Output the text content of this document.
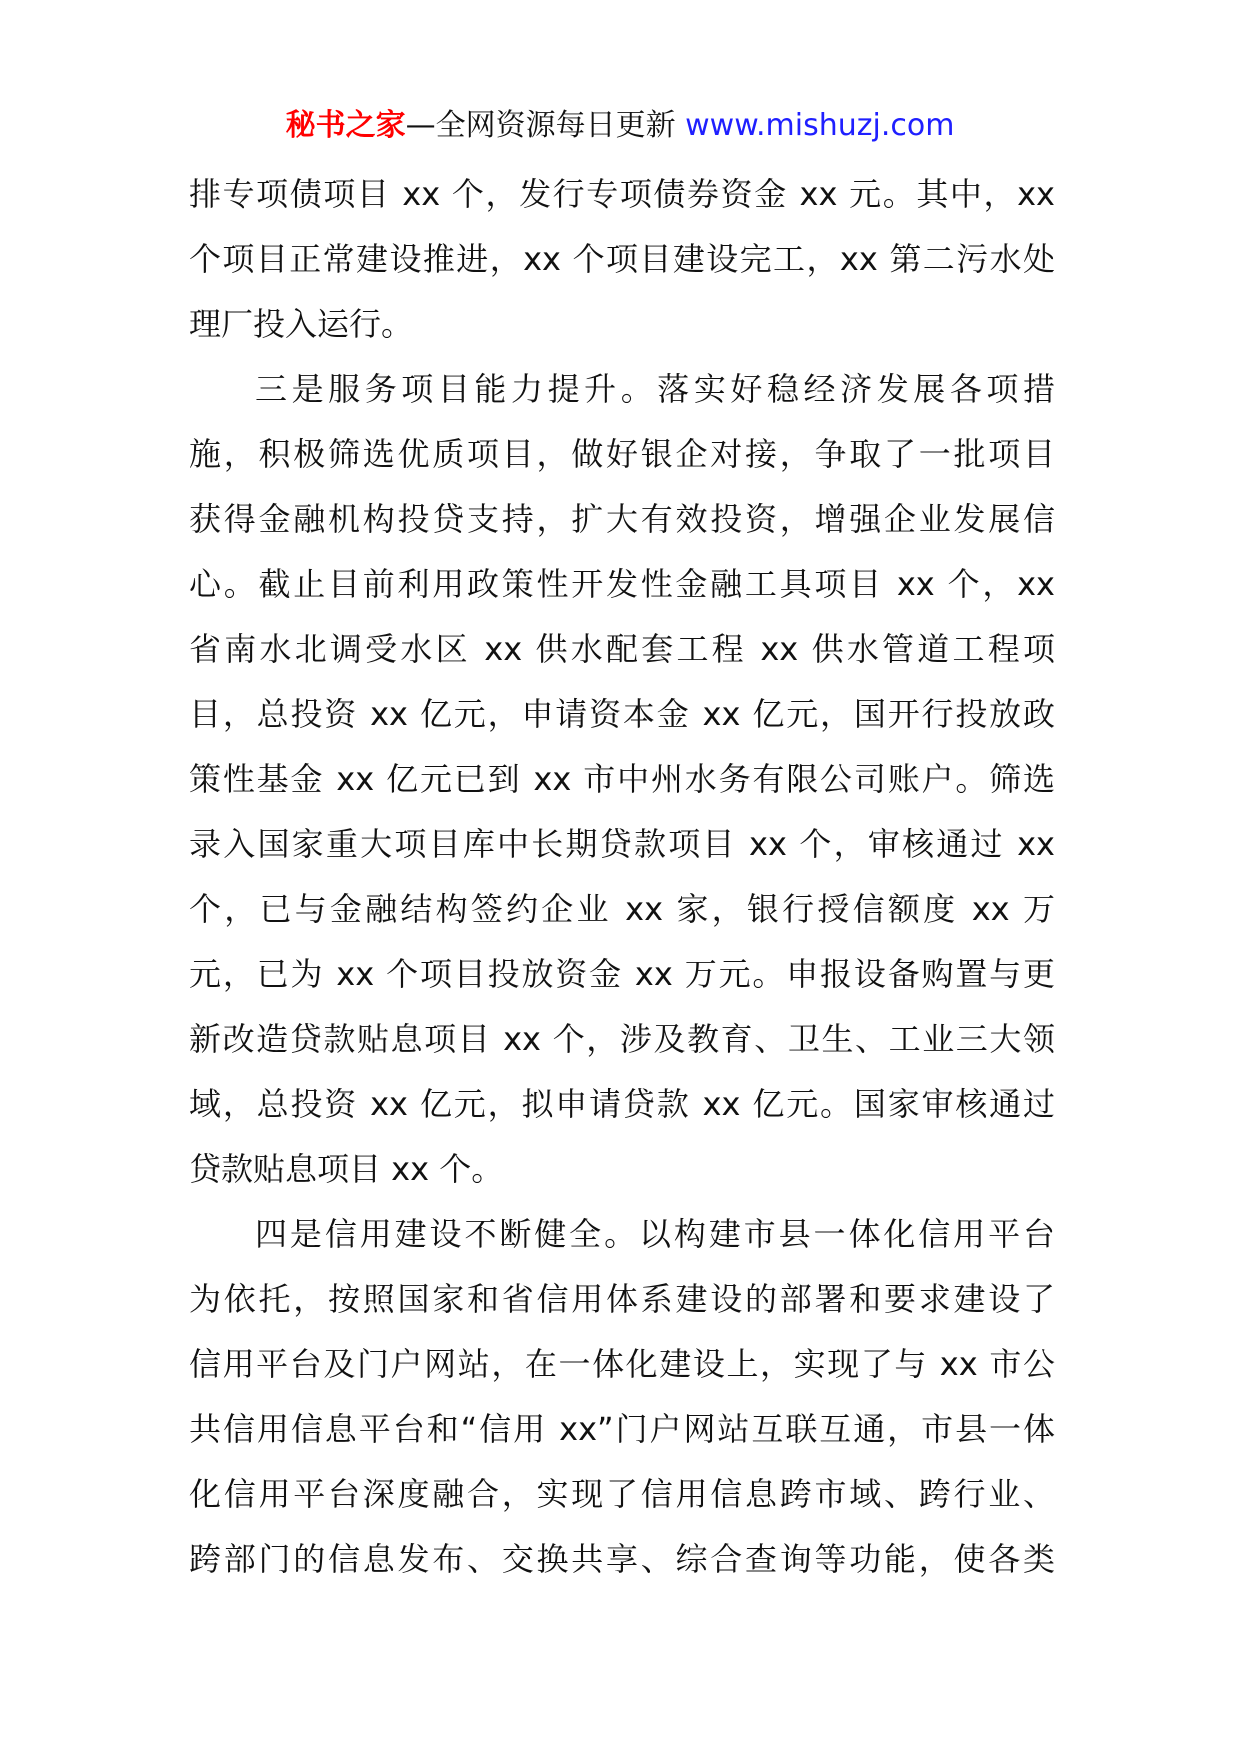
秘书之家—全网资源每日更新 www.mishuzj.com
排专项债项目 xx 个，发行专项债券资金 xx 元。其中，xx
个项目正常建设推进，xx 个项目建设完工，xx 第二污水处
理厂投入运行。
三是服务项目能力提升。落实好稳经济发展各项措
施，积极筛选优质项目，做好银企对接，争取了一批项目
获得金融机构投贷支持，扩大有效投资，增强企业发展信
心。截止目前利用政策性开发性金融工具项目 xx 个，xx
省南水北调受水区 xx 供水配套工程 xx 供水管道工程项
目，总投资 xx 亿元，申请资本金 xx 亿元，国开行投放政
策性基金 xx 亿元已到 xx 市中州水务有限公司账户。筛选
录入国家重大项目库中长期贷款项目 xx 个，审核通过 xx
个，已与金融结构签约企业 xx 家，银行授信额度 xx 万
元，已为 xx 个项目投放资金 xx 万元。申报设备购置与更
新改造贷款贴息项目 xx 个，涉及教育、卫生、工业三大领
域，总投资 xx 亿元，拟申请贷款 xx 亿元。国家审核通过
贷款贴息项目 xx 个。
四是信用建设不断健全。以构建市县一体化信用平台
为依托，按照国家和省信用体系建设的部署和要求建设了
信用平台及门户网站，在一体化建设上，实现了与 xx 市公
共信用信息平台和“信用 xx”门户网站互联互通，市县一体
化信用平台深度融合，实现了信用信息跨市域、跨行业、
跨部门的信息发布、交换共享、综合查询等功能，使各类
